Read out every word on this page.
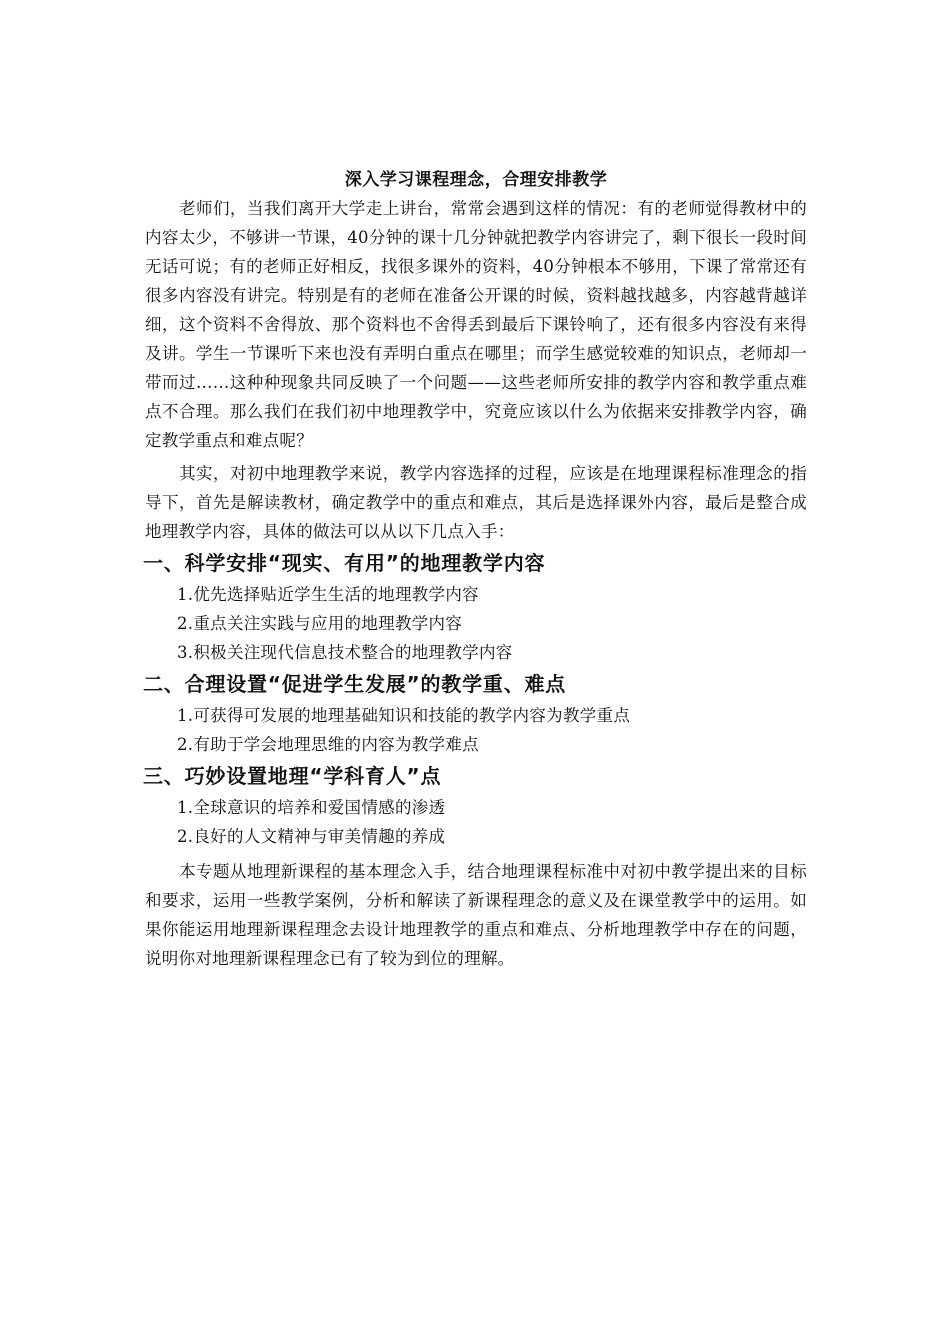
深入学习课程理念，合理安排教学

老师们，当我们离开大学走上讲台，常常会遇到这样的情况：有的老师觉得教材中的内容太少，不够讲一节课，40分钟的课十几分钟就把教学内容讲完了，剩下很长一段时间无话可说；有的老师正好相反，找很多课外的资料，40分钟根本不够用，下课了常常还有很多内容没有讲完。特别是有的老师在准备公开课的时候，资料越找越多，内容越背越详细，这个资料不舍得放、那个资料也不舍得丢到最后下课铃响了，还有很多内容没有来得及讲。学生一节课听下来也没有弄明白重点在哪里；而学生感觉较难的知识点，老师却一带而过……这种种现象共同反映了一个问题——这些老师所安排的教学内容和教学重点难点不合理。那么我们在我们初中地理教学中，究竟应该以什么为依据来安排教学内容，确定教学重点和难点呢？

其实，对初中地理教学来说，教学内容选择的过程，应该是在地理课程标准理念的指导下，首先是解读教材，确定教学中的重点和难点，其后是选择课外内容，最后是整合成地理教学内容，具体的做法可以从以下几点入手：

一、科学安排“现实、有用”的地理教学内容

1.优先选择贴近学生生活的地理教学内容

2.重点关注实践与应用的地理教学内容

3.积极关注现代信息技术整合的地理教学内容

二、合理设置“促进学生发展”的教学重、难点

1.可获得可发展的地理基础知识和技能的教学内容为教学重点

2.有助于学会地理思维的内容为教学难点

三、巧妙设置地理“学科育人”点

1.全球意识的培养和爱国情感的渗透

2.良好的人文精神与审美情趣的养成

本专题从地理新课程的基本理念入手，结合地理课程标准中对初中教学提出来的目标和要求，运用一些教学案例，分析和解读了新课程理念的意义及在课堂教学中的运用。如果你能运用地理新课程理念去设计地理教学的重点和难点、分析地理教学中存在的问题，说明你对地理新课程理念已有了较为到位的理解。
